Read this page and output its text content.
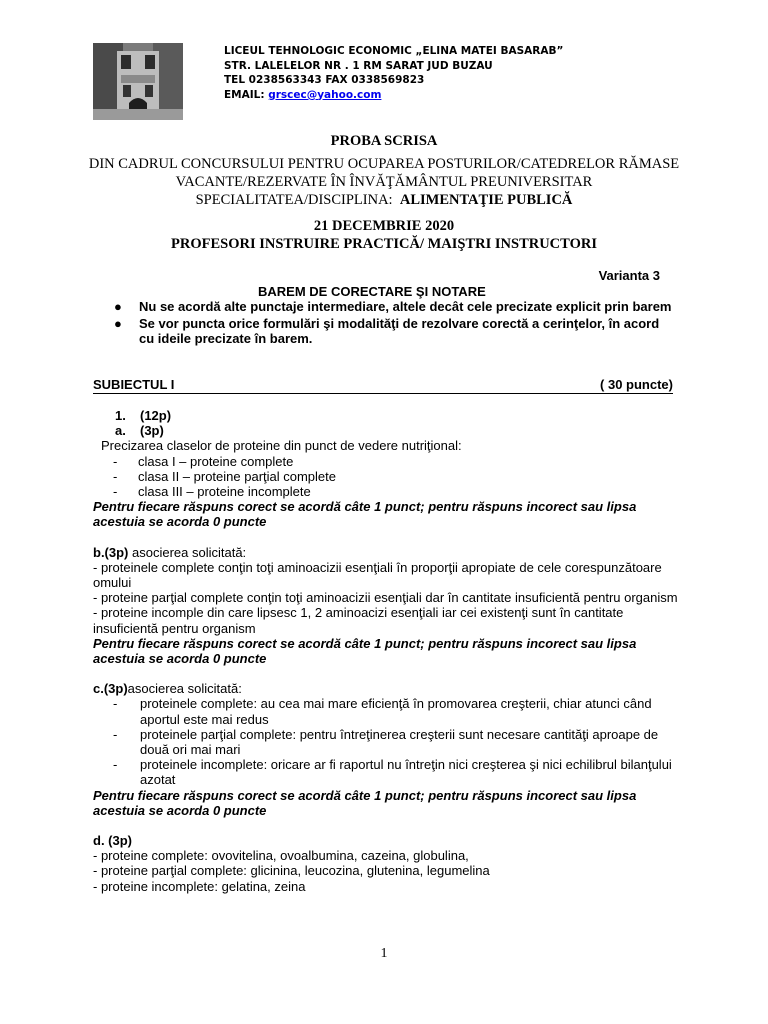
LICEUL TEHNOLOGIC ECONOMIC „ELINA MATEI BASARAB”
STR. LALELELOR NR . 1 RM SARAT JUD BUZAU
TEL 0238563343 FAX 0338569823
EMAIL: grscec@yahoo.com
PROBA SCRISA
DIN CADRUL CONCURSULUI PENTRU OCUPAREA POSTURILOR/CATEDRELOR RĂMASE
VACANTE/REZERVATE ÎN ÎNVĂŢĂMÂNTUL PREUNIVERSITAR
SPECIALITATEA/DISCIPLINA: ALIMENTAŢIE PUBLICĂ
21 DECEMBRIE 2020
PROFESORI INSTRUIRE PRACTICĂ/ MAIŞTRI INSTRUCTORI
Varianta 3
BAREM DE CORECTARE ŞI NOTARE
●	Nu se acordă alte punctaje intermediare, altele decât cele precizate explicit prin barem
●	Se vor puncta orice formulări şi modalităţi de rezolvare corectă a cerinţelor, în acord cu ideile precizate în barem.
SUBIECTUL I	( 30 puncte)
1.	(12p)
a.	(3p)
Precizarea claselor de proteine din punct de vedere nutriţional:
-	clasa I – proteine complete
-	clasa II – proteine parţial complete
-	clasa III – proteine incomplete
Pentru fiecare răspuns corect se acordă câte 1 punct; pentru răspuns incorect sau lipsa acestuia se acorda 0 puncte
b.(3p) asocierea solicitată:
- proteinele complete conţin toţi aminoacizii esenţiali în proporţii apropiate de cele corespunzătoare omului
- proteine parţial complete conţin toţi aminoacizii esenţiali dar în cantitate insuficientă pentru organism
- proteine incomple din care lipsesc 1, 2 aminoacizi esenţiali iar cei existenţi sunt în cantitate insuficientă pentru organism
Pentru fiecare răspuns corect se acordă câte 1 punct; pentru răspuns incorect sau lipsa acestuia se acorda 0 puncte
c.(3p)asocierea solicitată:
-	proteinele complete: au cea mai mare eficienţă în promovarea creşterii, chiar atunci când aportul este mai redus
-	proteinele parţial complete: pentru întreţinerea creşterii sunt necesare cantităţi aproape de două ori mai mari
-	proteinele incomplete: oricare ar fi raportul nu întreţin nici creşterea şi nici echilibrul bilanţului azotat
Pentru fiecare răspuns corect se acordă câte 1 punct; pentru răspuns incorect sau lipsa acestuia se acorda 0 puncte
d. (3p)
- proteine complete: ovovitelina, ovoalbumina, cazeina, globulina,
- proteine parţial complete: glicinina, leucozina, glutenina, legumelina
- proteine incomplete: gelatina, zeina
1
